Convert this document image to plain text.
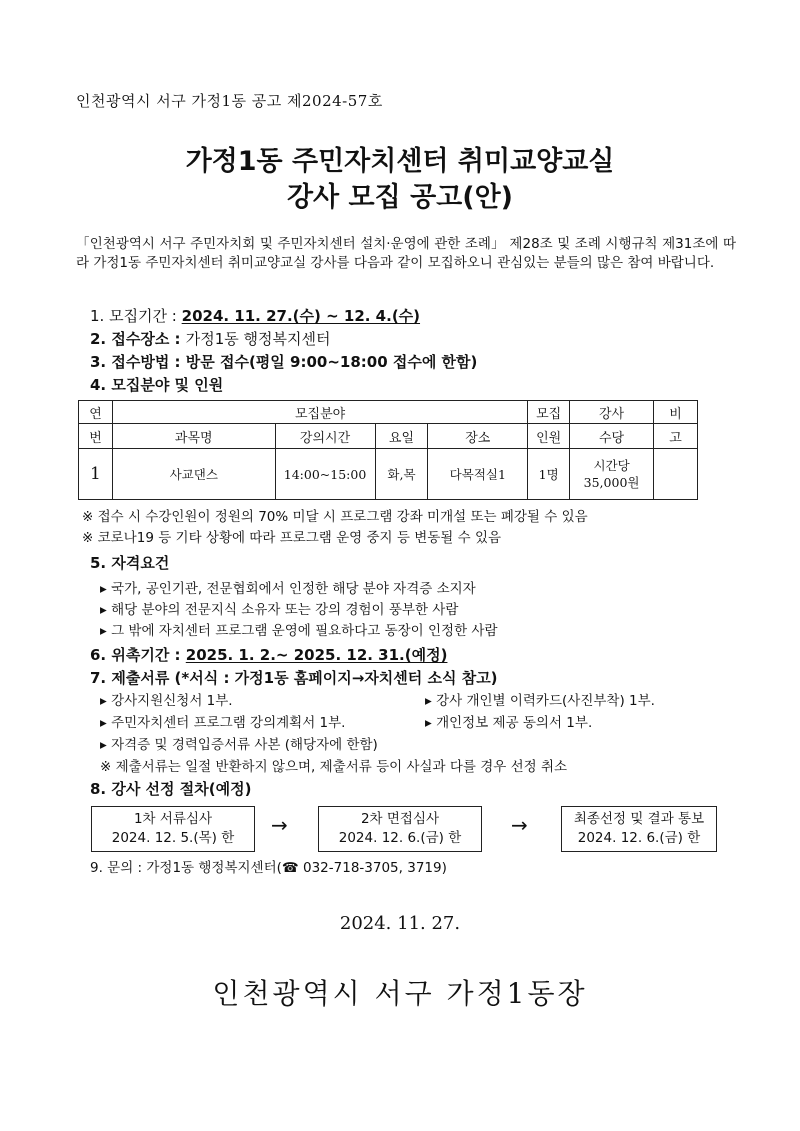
인천광역시 서구 가정1동 공고 제2024-57호
가정1동 주민자치센터 취미교양교실
강사 모집 공고(안)
「인천광역시 서구 주민자치회 및 주민자치센터 설치·운영에 관한 조례」 제28조 및 조례 시행규칙 제31조에 따라 가정1동 주민자치센터 취미교양교실 강사를 다음과 같이 모집하오니 관심있는 분들의 많은 참여 바랍니다.
1. 모집기간 : 2024. 11. 27.(수) ~ 12. 4.(수)
2. 접수장소 : 가정1동 행정복지센터
3. 접수방법 : 방문 접수(평일 9:00~18:00 접수에 한함)
4. 모집분야 및 인원
연	모집분야				모집	강사	비
번	과목명	강의시간	요일	장소	인원	수당	고
1	사교댄스	14:00~15:00	화,목	다목적실1	1명	시간당
35,000원	

※ 접수 시 수강인원이 정원의 70% 미달 시 프로그램 강좌 미개설 또는 폐강될 수 있음
※ 코로나19 등 기타 상황에 따라 프로그램 운영 중지 등 변동될 수 있음
5. 자격요건
▸ 국가, 공인기관, 전문협회에서 인정한 해당 분야 자격증 소지자
▸ 해당 분야의 전문지식 소유자 또는 강의 경험이 풍부한 사람
▸ 그 밖에 자치센터 프로그램 운영에 필요하다고 동장이 인정한 사람
6. 위촉기간 : 2025. 1. 2.~ 2025. 12. 31.(예정)
7. 제출서류 (*서식 : 가정1동 홈페이지→자치센터 소식 참고)
▸ 강사지원신청서 1부.	▸ 강사 개인별 이력카드(사진부착) 1부.
▸ 주민자치센터 프로그램 강의계획서 1부.	▸ 개인정보 제공 동의서 1부.
▸ 자격증 및 경력입증서류 사본 (해당자에 한함)
※ 제출서류는 일절 반환하지 않으며, 제출서류 등이 사실과 다를 경우 선정 취소
8. 강사 선정 절차(예정)
1차 서류심사
2024. 12. 5.(목) 한
→	2차 면접심사
2024. 12. 6.(금) 한
→	최종선정 및 결과 통보
2024. 12. 6.(금) 한
9. 문의 : 가정1동 행정복지센터(☎ 032-718-3705, 3719)
2024. 11. 27.
인천광역시 서구 가정1동장
